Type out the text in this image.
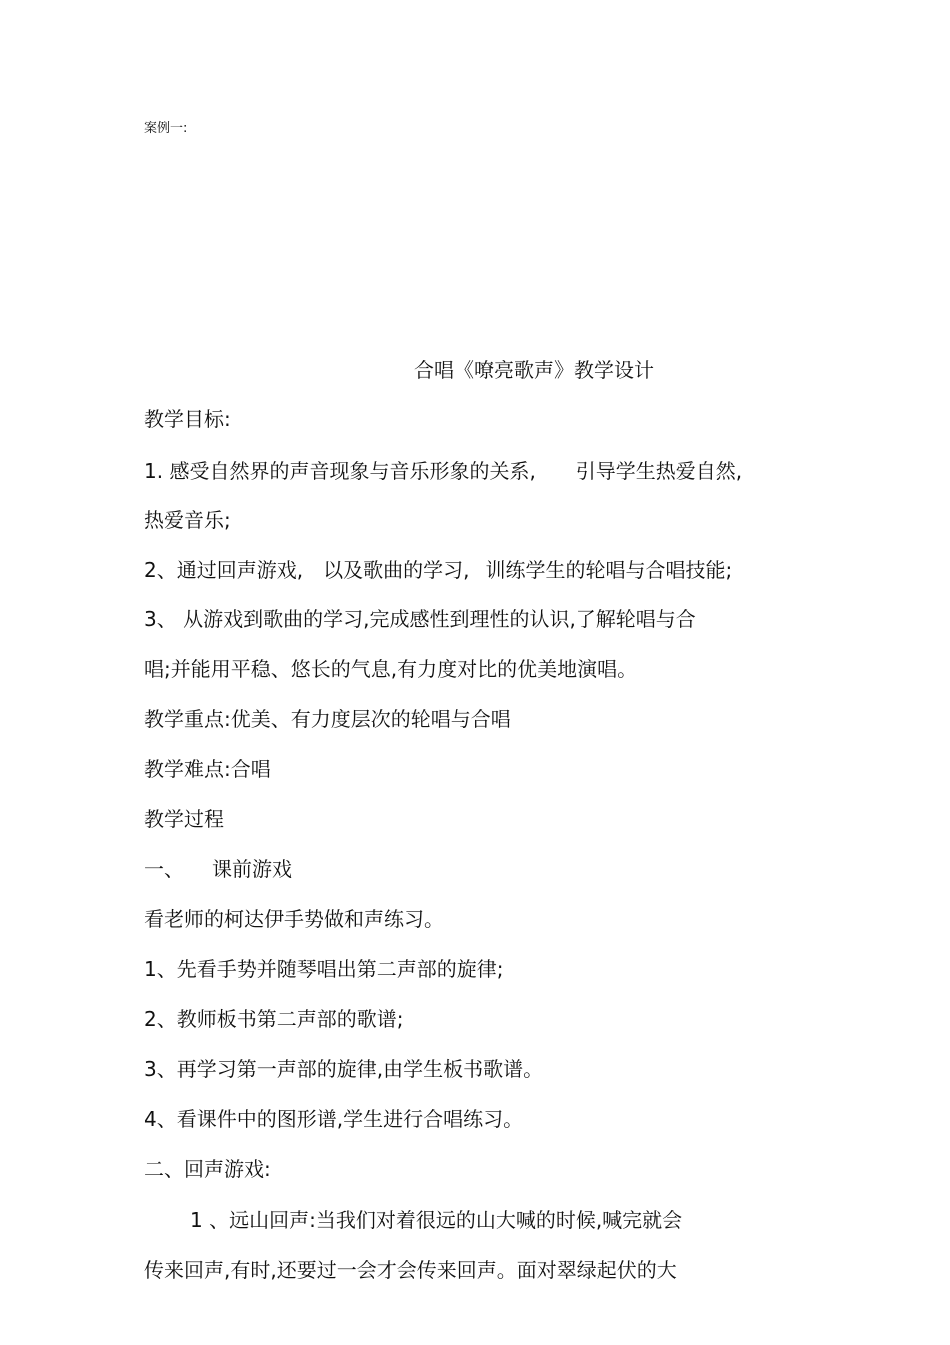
案例一:
合唱《嘹亮歌声》教学设计
教学目标:
1. 感受自然界的声音现象与音乐形象的关系, 引导学生热爱自然,
热爱音乐;
2、通过回声游戏, 以及歌曲的学习, 训练学生的轮唱与合唱技能;
3、 从游戏到歌曲的学习,完成感性到理性的认识,了解轮唱与合
唱;并能用平稳、悠长的气息,有力度对比的优美地演唱。
教学重点:优美、有力度层次的轮唱与合唱
教学难点:合唱
教学过程
一、 课前游戏
看老师的柯达伊手势做和声练习。
1、先看手势并随琴唱出第二声部的旋律;
2、教师板书第二声部的歌谱;
3、再学习第一声部的旋律,由学生板书歌谱。
4、看课件中的图形谱,学生进行合唱练习。
二、回声游戏:
1 、远山回声:当我们对着很远的山大喊的时候,喊完就会
传来回声,有时,还要过一会才会传来回声。面对翠绿起伏的大
